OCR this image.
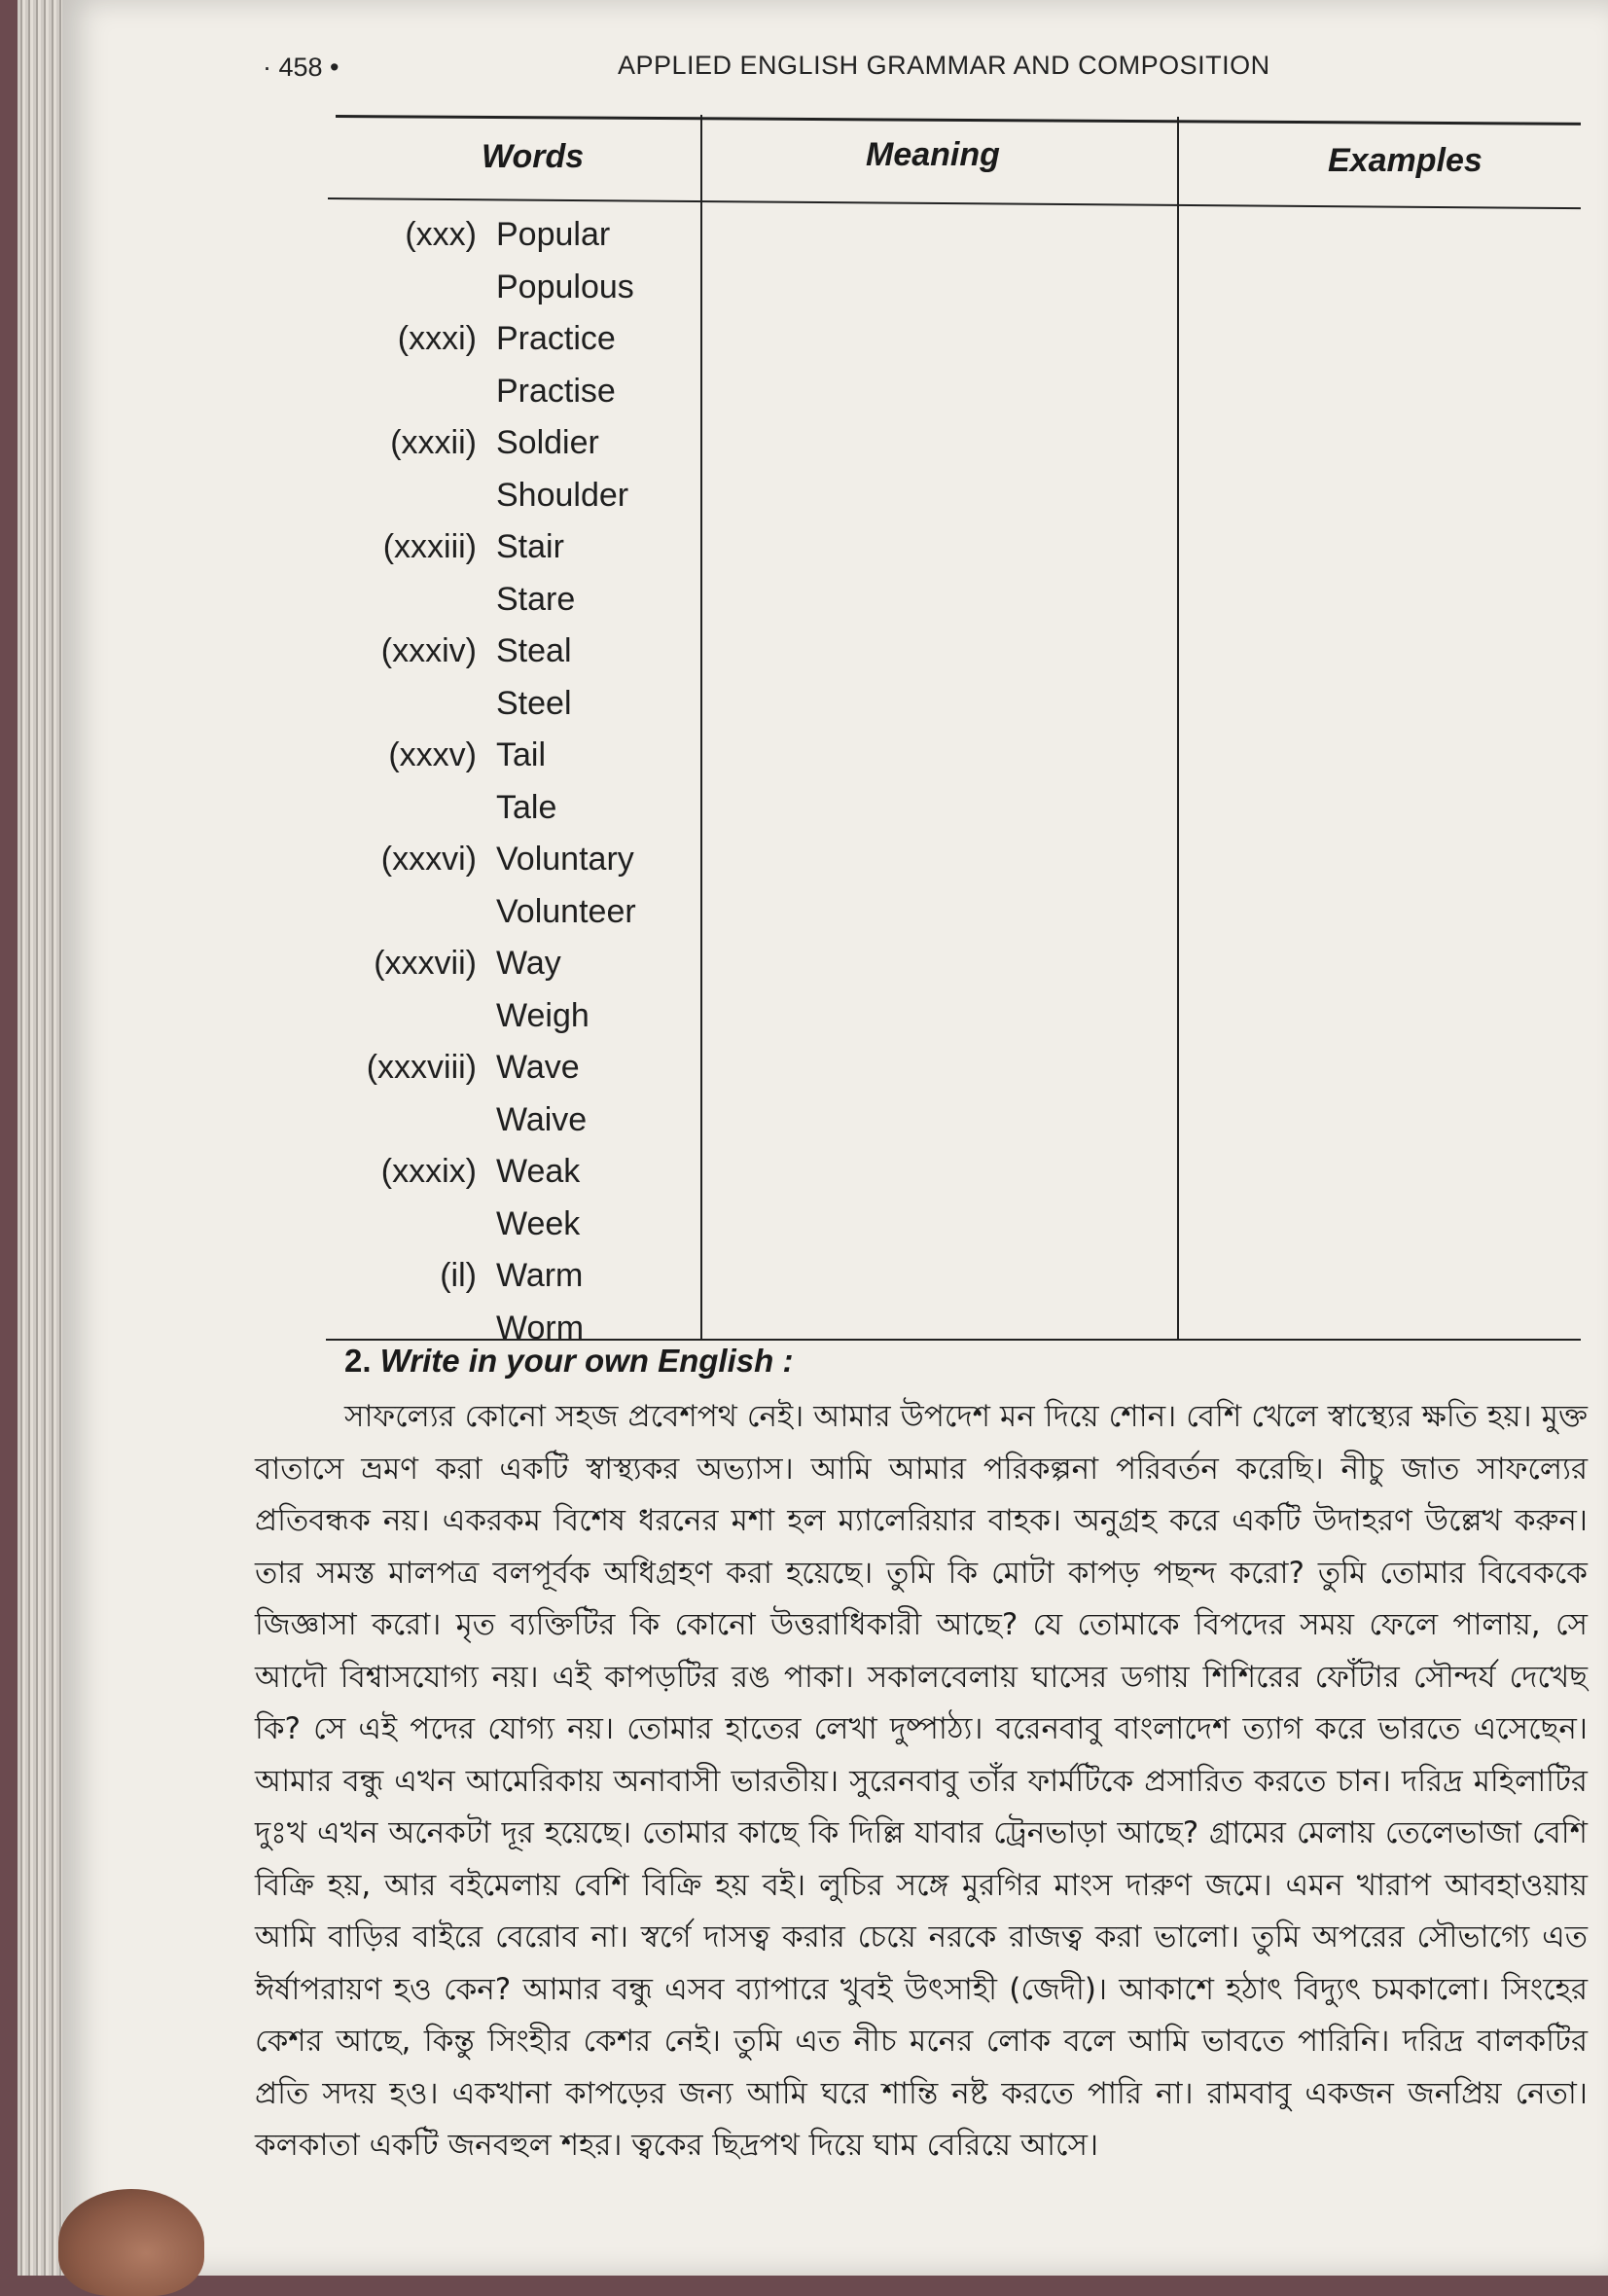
· 458 •	APPLIED ENGLISH GRAMMAR AND COMPOSITION
Words	Meaning	Examples
(xxx) Popular
Populous
(xxxi) Practice
Practise
(xxxii) Soldier
Shoulder
(xxxiii) Stair
Stare
(xxxiv) Steal
Steel
(xxxv) Tail
Tale
(xxxvi) Voluntary
Volunteer
(xxxvii) Way
Weigh
(xxxviii) Wave
Waive
(xxxix) Weak
Week
(il) Warm
Worm
2. Write in your own English :

সাফল্যের কোনো সহজ প্রবেশপথ নেই। আমার উপদেশ মন দিয়ে শোন। বেশি খেলে স্বাস্থ্যের ক্ষতি হয়। মুক্ত বাতাসে ভ্রমণ করা একটি স্বাস্থ্যকর অভ্যাস। আমি আমার পরিকল্পনা পরিবর্তন করেছি। নীচু জাত সাফল্যের প্রতিবন্ধক নয়। একরকম বিশেষ ধরনের মশা হল ম্যালেরিয়ার বাহক। অনুগ্রহ করে একটি উদাহরণ উল্লেখ করুন। তার সমস্ত মালপত্র বলপূর্বক অধিগ্রহণ করা হয়েছে। তুমি কি মোটা কাপড় পছন্দ করো? তুমি তোমার বিবেককে জিজ্ঞাসা করো। মৃত ব্যক্তিটির কি কোনো উত্তরাধিকারী আছে? যে তোমাকে বিপদের সময় ফেলে পালায়, সে আদৌ বিশ্বাসযোগ্য নয়। এই কাপড়টির রঙ পাকা। সকালবেলায় ঘাসের ডগায় শিশিরের ফোঁটার সৌন্দর্য দেখেছ কি? সে এই পদের যোগ্য নয়। তোমার হাতের লেখা দুষ্পাঠ্য। বরেনবাবু বাংলাদেশ ত্যাগ করে ভারতে এসেছেন। আমার বন্ধু এখন আমেরিকায় অনাবাসী ভারতীয়। সুরেনবাবু তাঁর ফার্মটিকে প্রসারিত করতে চান। দরিদ্র মহিলাটির দুঃখ এখন অনেকটা দূর হয়েছে। তোমার কাছে কি দিল্লি যাবার ট্রেনভাড়া আছে? গ্রামের মেলায় তেলেভাজা বেশি বিক্রি হয়, আর বইমেলায় বেশি বিক্রি হয় বই। লুচির সঙ্গে মুরগির মাংস দারুণ জমে। এমন খারাপ আবহাওয়ায় আমি বাড়ির বাইরে বেরোব না। স্বর্গে দাসত্ব করার চেয়ে নরকে রাজত্ব করা ভালো। তুমি অপরের সৌভাগ্যে এত ঈর্ষাপরায়ণ হও কেন? আমার বন্ধু এসব ব্যাপারে খুবই উৎসাহী (জেদী)। আকাশে হঠাৎ বিদ্যুৎ চমকালো। সিংহের কেশর আছে, কিন্তু সিংহীর কেশর নেই। তুমি এত নীচ মনের লোক বলে আমি ভাবতে পারিনি। দরিদ্র বালকটির প্রতি সদয় হও। একখানা কাপড়ের জন্য আমি ঘরে শান্তি নষ্ট করতে পারি না। রামবাবু একজন জনপ্রিয় নেতা। কলকাতা একটি জনবহুল শহর। ত্বকের ছিদ্রপথ দিয়ে ঘাম বেরিয়ে আসে।
